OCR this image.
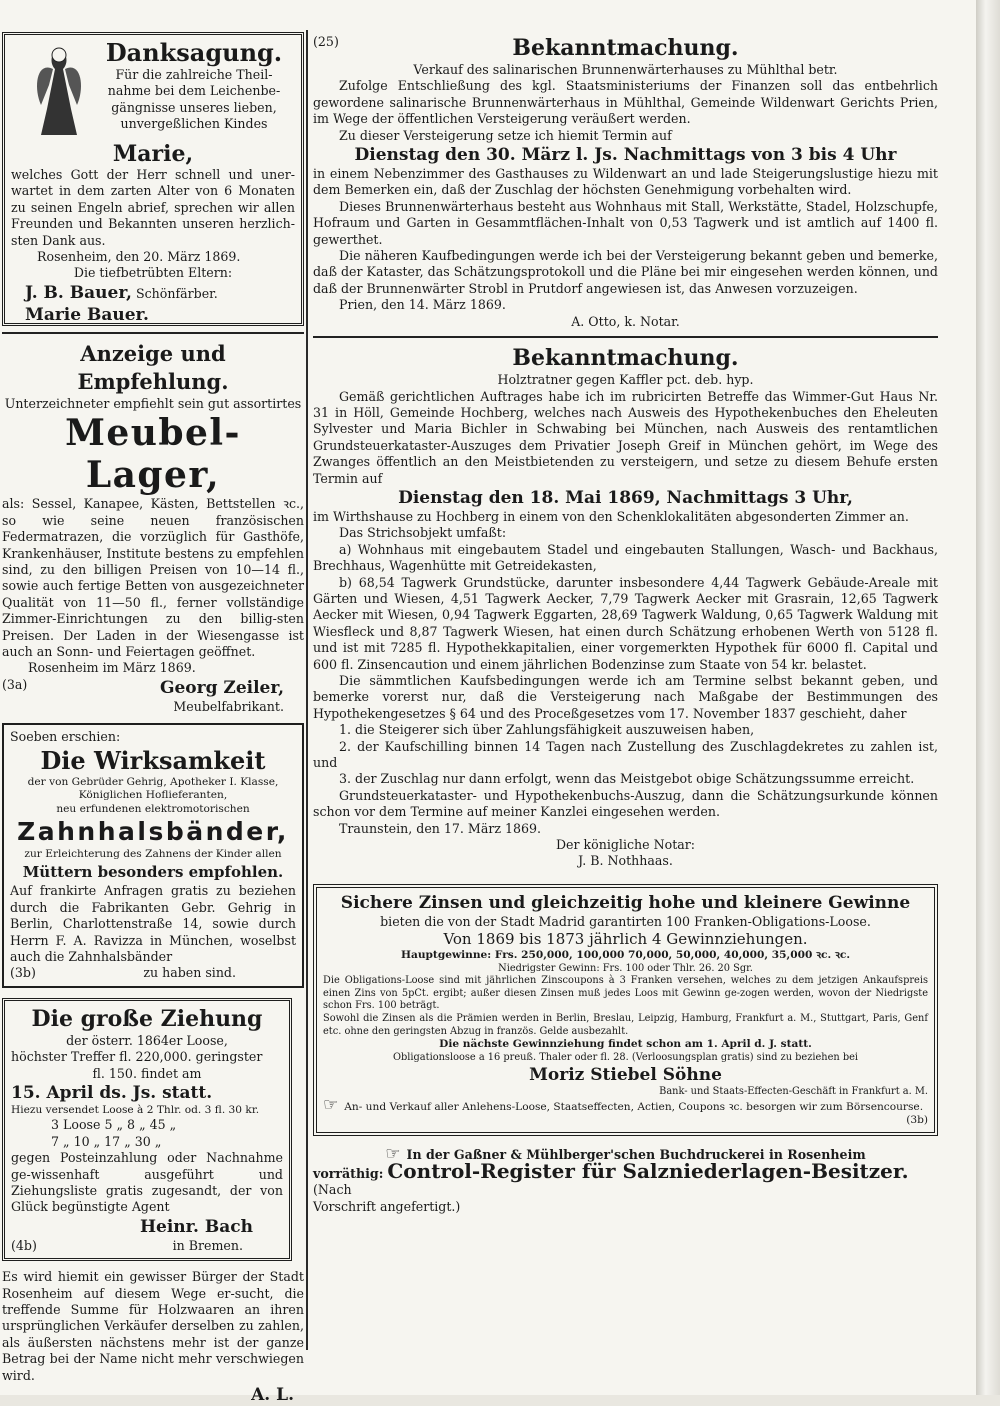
Danksagung.
Für die zahlreiche Theil-
nahme bei dem Leichenbe-
gängnisse unseres lieben,
unvergeßlichen Kindes
Marie,

welches Gott der Herr schnell und uner-wartet in dem zarten Alter von 6 Monaten zu seinen Engeln abrief, sprechen wir allen Freunden und Bekannten unseren herzlich-sten Dank aus.

Rosenheim, den 20. März 1869.

Die tiefbetrübten Eltern:

J. B. Bauer, Schönfärber.

Marie Bauer.

Anzeige und Empfehlung.
Unterzeichneter empfiehlt sein gut assortirtes
Meubel-Lager,

als: Sessel, Kanapee, Kästen, Bettstellen ꝛc., so wie seine neuen französischen Federmatrazen, die vorzüglich für Gasthöfe, Krankenhäuser, Institute bestens zu empfehlen sind, zu den billigen Preisen von 10—14 fl., sowie auch fertige Betten von ausgezeichneter Qualität von 11—50 fl., ferner vollständige Zimmer-Einrichtungen zu den billig-sten Preisen. Der Laden in der Wiesengasse ist auch an Sonn- und Feiertagen geöffnet.

Rosenheim im März 1869.

(3a)	Georg Zeiler,

Meubelfabrikant.

Soeben erschien:

Die Wirksamkeit

der von Gebrüder Gehrig, Apotheker I. Klasse,

Königlichen Hoflieferanten,

neu erfundenen elektromotorischen

Zahnhalsbänder,

zur Erleichterung des Zahnens der Kinder allen

Müttern besonders empfohlen.

Auf frankirte Anfragen gratis zu beziehen durch die Fabrikanten Gebr. Gehrig in Berlin, Charlottenstraße 14, sowie durch Herrn F. A. Ravizza in München, woselbst auch die Zahnhalsbänder

(3b)	zu haben sind.
Die große Ziehung

der österr. 1864er Loose,

höchster Treffer fl. 220,000. geringster

fl. 150. findet am

15. April ds. Js. statt.

Hiezu versendet Loose à 2 Thlr. od. 3 fl. 30 kr.

3 Loose 5 „ 8 „ 45 „

7 „ 10 „ 17 „ 30 „

gegen Posteinzahlung oder Nachnahme ge-wissenhaft ausgeführt und Ziehungsliste gratis zugesandt, der von Glück begünstigte Agent

Heinr. Bach
(4b)	in Bremen.

Es wird hiemit ein gewisser Bürger der Stadt Rosenheim auf diesem Wege er-sucht, die treffende Summe für Holzwaaren an ihren ursprünglichen Verkäufer derselben zu zahlen, als äußersten nächstens mehr ist der ganze Betrag bei der Name nicht mehr verschwiegen wird.

A. L.

(25)	Bekanntmachung.

Verkauf des salinarischen Brunnenwärterhauses zu Mühlthal betr.

Zufolge Entschließung des kgl. Staatsministeriums der Finanzen soll das entbehrlich gewordene salinarische Brunnenwärterhaus in Mühlthal, Gemeinde Wildenwart Gerichts Prien, im Wege der öffentlichen Versteigerung veräußert werden.

Zu dieser Versteigerung setze ich hiemit Termin auf

Dienstag den 30. März l. Js. Nachmittags von 3 bis 4 Uhr

in einem Nebenzimmer des Gasthauses zu Wildenwart an und lade Steigerungslustige hiezu mit dem Bemerken ein, daß der Zuschlag der höchsten Genehmigung vorbehalten wird.

Dieses Brunnenwärterhaus besteht aus Wohnhaus mit Stall, Werkstätte, Stadel, Holzschupfe, Hofraum und Garten in Gesammtflächen-Inhalt von 0,53 Tagwerk und ist amtlich auf 1400 fl. gewerthet.

Die näheren Kaufbedingungen werde ich bei der Versteigerung bekannt geben und bemerke, daß der Kataster, das Schätzungsprotokoll und die Pläne bei mir eingesehen werden können, und daß der Brunnenwärter Strobl in Prutdorf angewiesen ist, das Anwesen vorzuzeigen.

Prien, den 14. März 1869.

A. Otto, k. Notar.

Bekanntmachung.

Holztratner gegen Kaffler pct. deb. hyp.

Gemäß gerichtlichen Auftrages habe ich im rubricirten Betreffe das Wimmer-Gut Haus Nr. 31 in Höll, Gemeinde Hochberg, welches nach Ausweis des Hypothekenbuches den Eheleuten Sylvester und Maria Bichler in Schwabing bei München, nach Ausweis des rentamtlichen Grundsteuerkataster-Auszuges dem Privatier Joseph Greif in München gehört, im Wege des Zwanges öffentlich an den Meistbietenden zu versteigern, und setze zu diesem Behufe ersten Termin auf

Dienstag den 18. Mai 1869, Nachmittags 3 Uhr,

im Wirthshause zu Hochberg in einem von den Schenklokalitäten abgesonderten Zimmer an.

Das Strichsobjekt umfaßt:

a) Wohnhaus mit eingebautem Stadel und eingebauten Stallungen, Wasch- und Backhaus, Brechhaus, Wagenhütte mit Getreidekasten,

b) 68,54 Tagwerk Grundstücke, darunter insbesondere 4,44 Tagwerk Gebäude-Areale mit Gärten und Wiesen, 4,51 Tagwerk Aecker, 7,79 Tagwerk Aecker mit Grasrain, 12,65 Tagwerk Aecker mit Wiesen, 0,94 Tagwerk Eggarten, 28,69 Tagwerk Waldung, 0,65 Tagwerk Waldung mit Wiesfleck und 8,87 Tagwerk Wiesen, hat einen durch Schätzung erhobenen Werth von 5128 fl. und ist mit 7285 fl. Hypothekkapitalien, einer vorgemerkten Hypothek für 6000 fl. Capital und 600 fl. Zinsencaution und einem jährlichen Bodenzinse zum Staate von 54 kr. belastet.

Die sämmtlichen Kaufsbedingungen werde ich am Termine selbst bekannt geben, und bemerke vorerst nur, daß die Versteigerung nach Maßgabe der Bestimmungen des Hypothekengesetzes § 64 und des Proceßgesetzes vom 17. November 1837 geschieht, daher

1. die Steigerer sich über Zahlungsfähigkeit auszuweisen haben,

2. der Kaufschilling binnen 14 Tagen nach Zustellung des Zuschlagdekretes zu zahlen ist, und

3. der Zuschlag nur dann erfolgt, wenn das Meistgebot obige Schätzungssumme erreicht.

Grundsteuerkataster- und Hypothekenbuchs-Auszug, dann die Schätzungsurkunde können schon vor dem Termine auf meiner Kanzlei eingesehen werden.

Traunstein, den 17. März 1869.

Der königliche Notar:

J. B. Nothhaas.

Sichere Zinsen und gleichzeitig hohe und kleinere Gewinne

bieten die von der Stadt Madrid garantirten 100 Franken-Obligations-Loose.

Von 1869 bis 1873 jährlich 4 Gewinnziehungen.

Hauptgewinne: Frs. 250,000, 100,000 70,000, 50,000, 40,000, 35,000 ꝛc. ꝛc.

Niedrigster Gewinn: Frs. 100 oder Thlr. 26. 20 Sgr.

Die Obligations-Loose sind mit jährlichen Zinscoupons à 3 Franken versehen, welches zu dem jetzigen Ankaufspreis einen Zins von 5pCt. ergibt; außer diesen Zinsen muß jedes Loos mit Gewinn ge-zogen werden, wovon der Niedrigste schon Frs. 100 beträgt.

Sowohl die Zinsen als die Prämien werden in Berlin, Breslau, Leipzig, Hamburg, Frankfurt a. M., Stuttgart, Paris, Genf etc. ohne den geringsten Abzug in französ. Gelde ausbezahlt.

Die nächste Gewinnziehung findet schon am 1. April d. J. statt.

Obligationsloose a 16 preuß. Thaler oder fl. 28. (Verloosungsplan gratis) sind zu beziehen bei

Moriz Stiebel Söhne

Bank- und Staats-Effecten-Geschäft in Frankfurt a. M.

☞ An- und Verkauf aller Anlehens-Loose, Staatseffecten, Actien, Coupons ꝛc. besorgen wir zum Börsencourse.

(3b)

☞ In der Gaßner & Mühlberger'schen Buchdruckerei in Rosenheim

vorräthig: Control-Register für Salzniederlagen-Besitzer. (Nach

Vorschrift angefertigt.)
